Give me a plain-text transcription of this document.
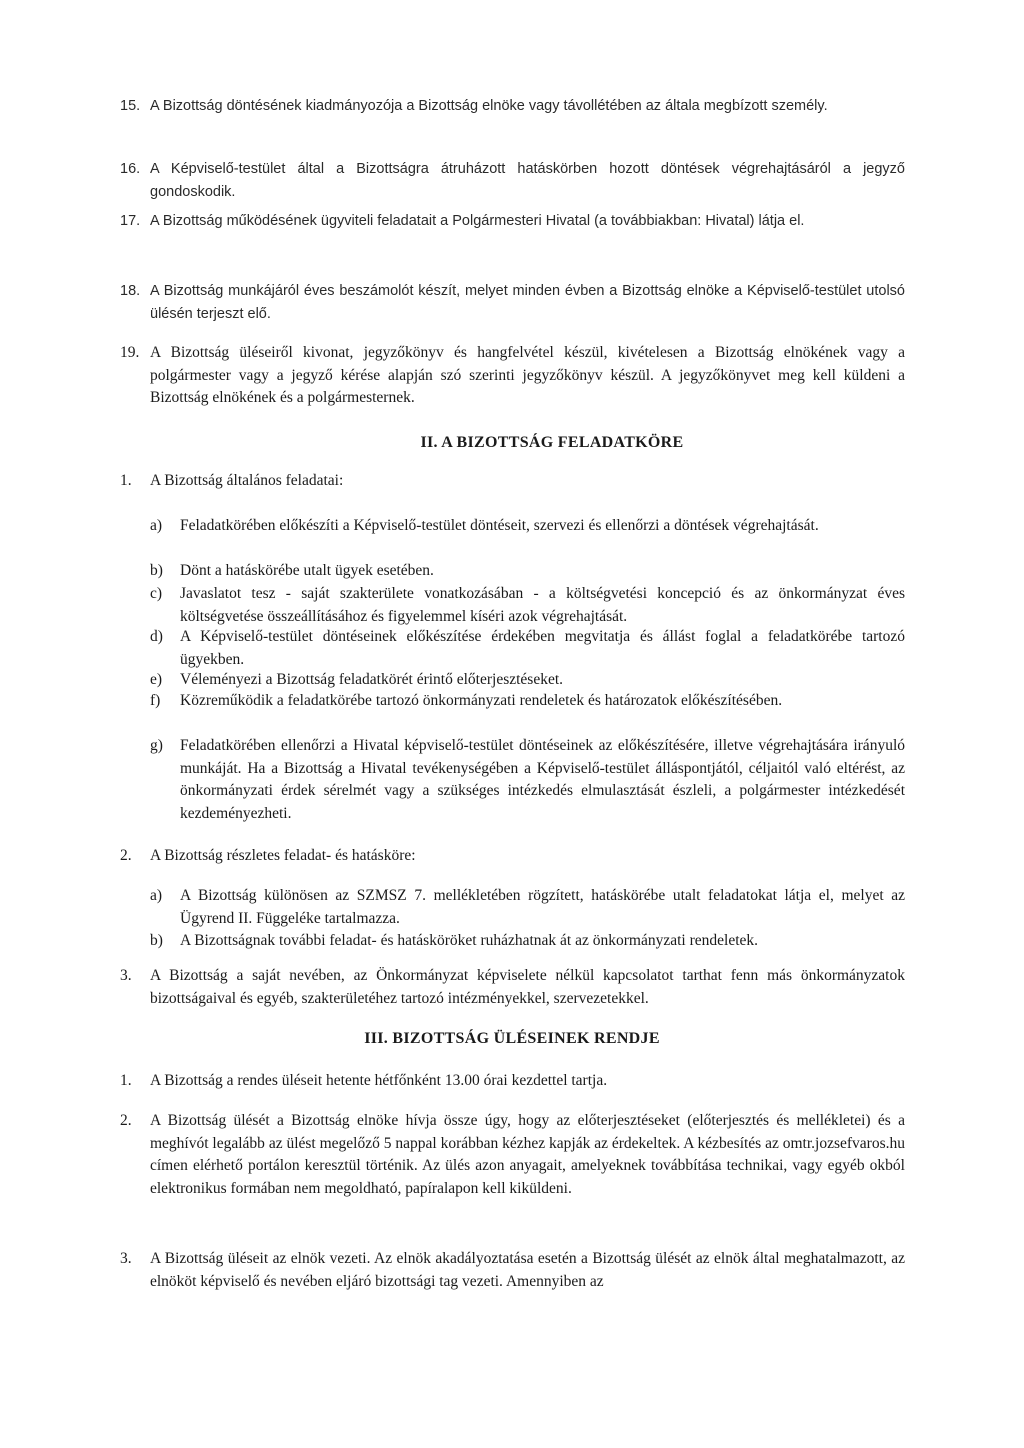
15. A Bizottság döntésének kiadmányozója a Bizottság elnöke vagy távollétében az általa megbízott személy.
16. A Képviselő-testület által a Bizottságra átruházott hatáskörben hozott döntések végrehajtásáról a jegyző gondoskodik.
17. A Bizottság működésének ügyviteli feladatait a Polgármesteri Hivatal (a továbbiakban: Hivatal) látja el.
18. A Bizottság munkájáról éves beszámolót készít, melyet minden évben a Bizottság elnöke a Képviselő-testület utolsó ülésén terjeszt elő.
19. A Bizottság üléseiről kivonat, jegyzőkönyv és hangfelvétel készül, kivételesen a Bizottság elnökének vagy a polgármester vagy a jegyző kérése alapján szó szerinti jegyzőkönyv készül. A jegyzőkönyvet meg kell küldeni a Bizottság elnökének és a polgármesternek.
II. A BIZOTTSÁG FELADATKÖRE
1. A Bizottság általános feladatai:
a) Feladatkörében előkészíti a Képviselő-testület döntéseit, szervezi és ellenőrzi a döntések végrehajtását.
b) Dönt a hatáskörébe utalt ügyek esetében.
c) Javaslatot tesz - saját szakterülete vonatkozásában - a költségvetési koncepció és az önkormányzat éves költségvetése összeállításához és figyelemmel kíséri azok végrehajtását.
d) A Képviselő-testület döntéseinek előkészítése érdekében megvitatja és állást foglal a feladatkörébe tartozó ügyekben.
e) Véleményezi a Bizottság feladatkörét érintő előterjesztéseket.
f) Közreműködik a feladatkörébe tartozó önkormányzati rendeletek és határozatok előkészítésében.
g) Feladatkörében ellenőrzi a Hivatal képviselő-testület döntéseinek az előkészítésére, illetve végrehajtására irányuló munkáját. Ha a Bizottság a Hivatal tevékenységében a Képviselő-testület álláspontjától, céljaitól való eltérést, az önkormányzati érdek sérelmét vagy a szükséges intézkedés elmulasztását észleli, a polgármester intézkedését kezdeményezheti.
2. A Bizottság részletes feladat- és hatásköre:
a) A Bizottság különösen az SZMSZ 7. mellékletében rögzített, hatáskörébe utalt feladatokat látja el, melyet az Ügyrend II. Függeléke tartalmazza.
b) A Bizottságnak további feladat- és hatásköröket ruházhatnak át az önkormányzati rendeletek.
3. A Bizottság a saját nevében, az Önkormányzat képviselete nélkül kapcsolatot tarthat fenn más önkormányzatok bizottságaival és egyéb, szakterületéhez tartozó intézményekkel, szervezetekkel.
III. BIZOTTSÁG ÜLÉSEINEK RENDJE
1. A Bizottság a rendes üléseit hetente hétfőnként 13.00 órai kezdettel tartja.
2. A Bizottság ülését a Bizottság elnöke hívja össze úgy, hogy az előterjesztéseket (előterjesztés és mellékletei) és a meghívót legalább az ülést megelőző 5 nappal korábban kézhez kapják az érdekeltek. A kézbesítés az omtr.jozsefvaros.hu címen elérhető portálon keresztül történik. Az ülés azon anyagait, amelyeknek továbbítása technikai, vagy egyéb okból elektronikus formában nem megoldható, papíralapon kell kiküldeni.
3. A Bizottság üléseit az elnök vezeti. Az elnök akadályoztatása esetén a Bizottság ülését az elnök által meghatalmazott, az elnököt képviselő és nevében eljáró bizottsági tag vezeti. Amennyiben az
